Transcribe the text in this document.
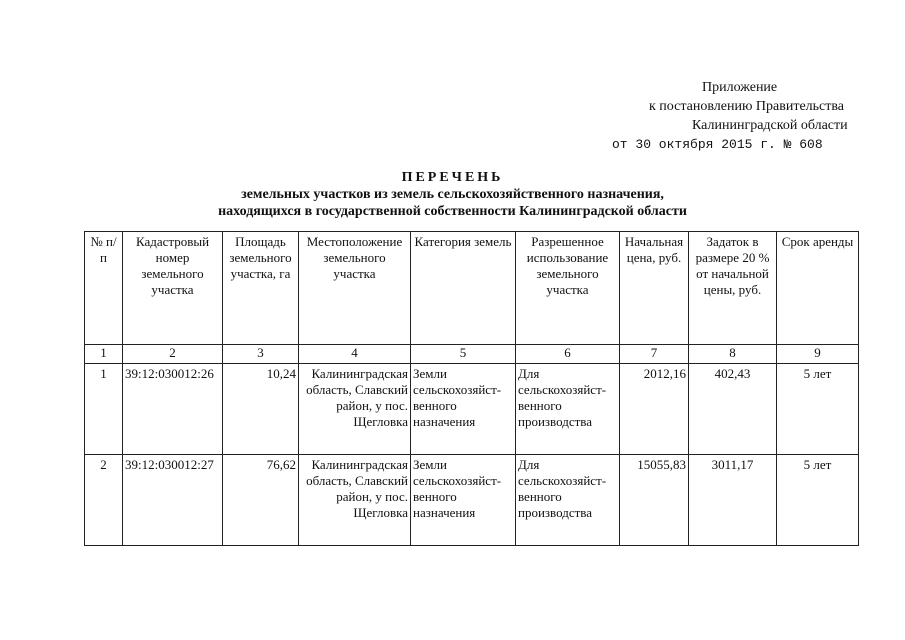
Приложение
к постановлению Правительства
Калининградской области
от 30 октября 2015 г. № 608
ПЕРЕЧЕНЬ
земельных участков из земель сельскохозяйственного назначения,
находящихся в государственной собственности Калининградской области
№ п/п	Кадастровый номер земельного участка	Площадь земельного участка, га	Местоположение земельного участка	Категория земель	Разрешенное использование земельного участка	Начальная цена, руб.	Задаток в размере 20 % от начальной цены, руб.	Срок аренды
1	2	3	4	5	6	7	8	9
1	39:12:030012:26	10,24	Калининградская область, Славский район, у пос. Щегловка	Земли сельскохозяйст-венного назначения	Для сельскохозяйст-венного производства	2012,16	402,43	5 лет
2	39:12:030012:27	76,62	Калининградская область, Славский район, у пос. Щегловка	Земли сельскохозяйст-венного назначения	Для сельскохозяйст-венного производства	15055,83	3011,17	5 лет
